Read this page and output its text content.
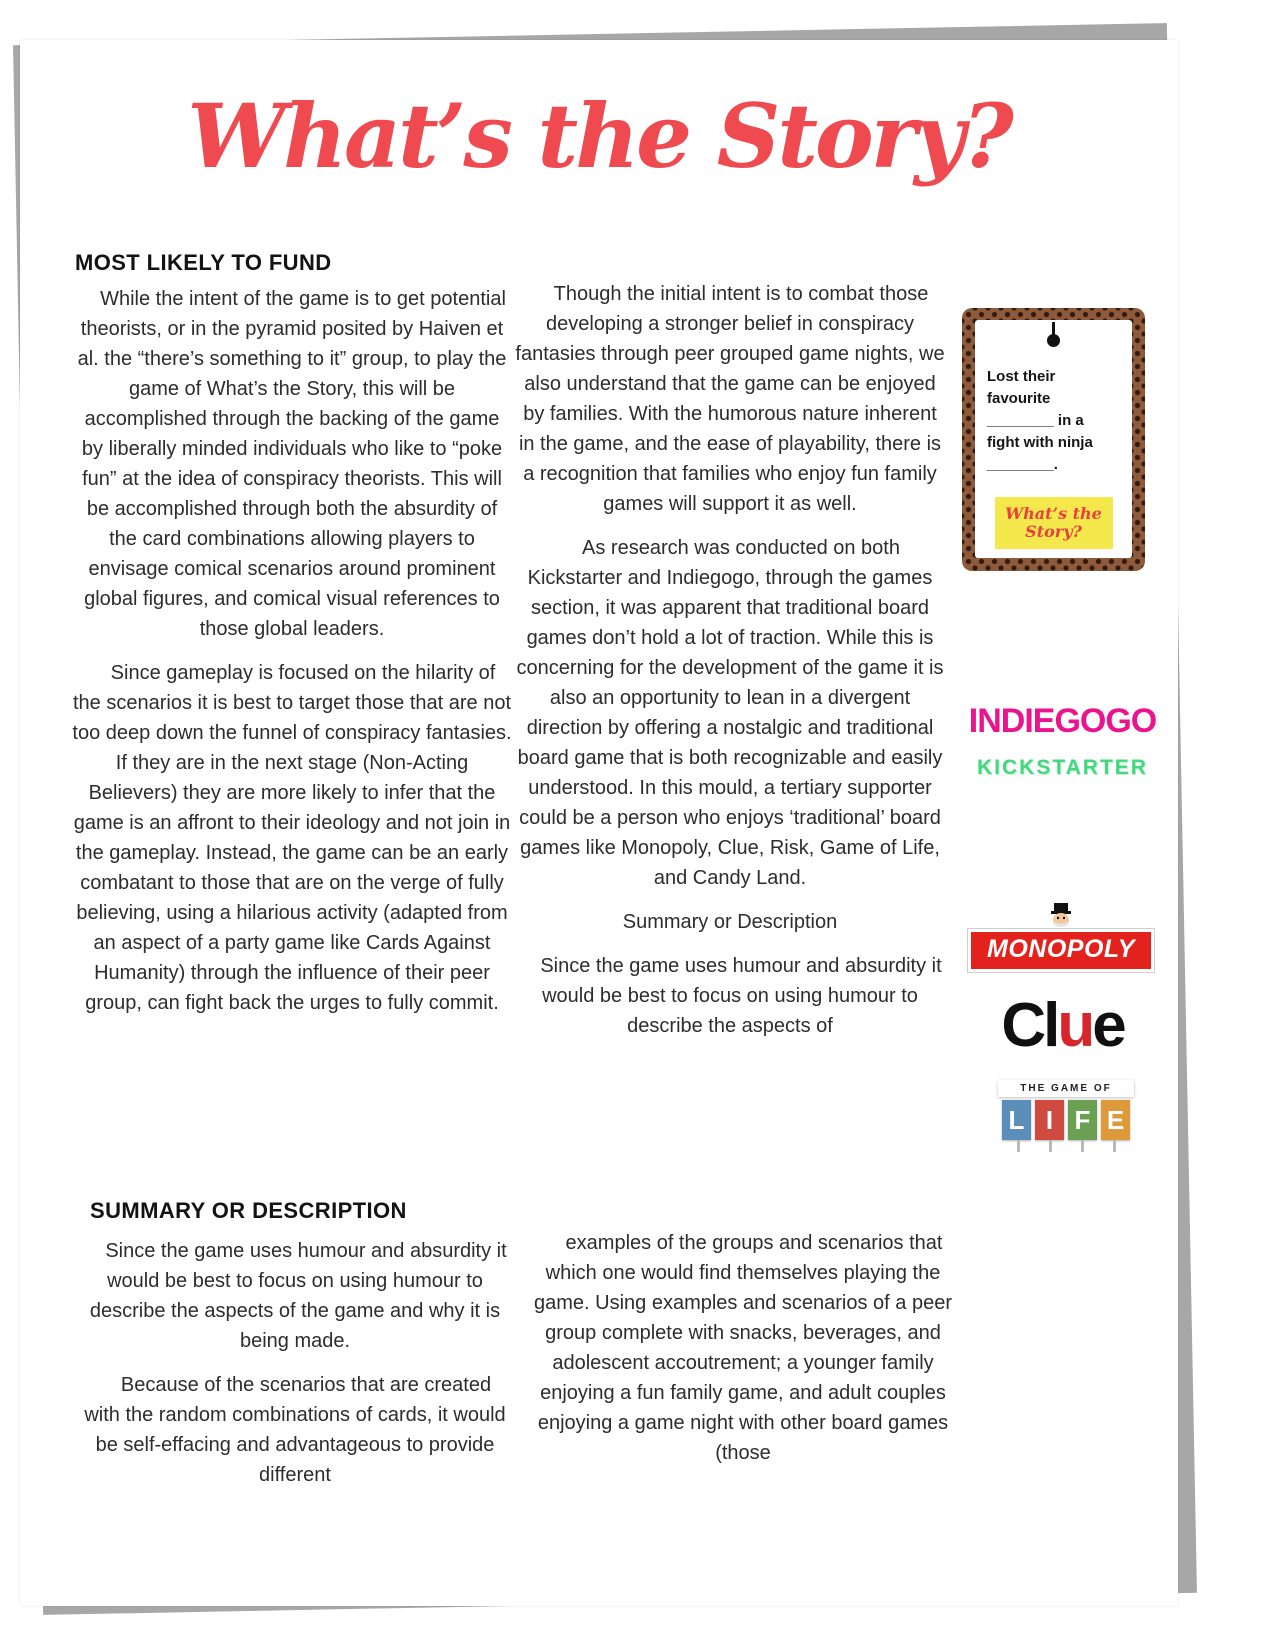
What’s the Story?
MOST LIKELY TO FUND

While the intent of the game is to get potential theorists, or in the pyramid posited by Haiven et al. the “there’s something to it” group, to play the game of What’s the Story, this will be accomplished through the backing of the game by liberally minded individuals who like to “poke fun” at the idea of conspiracy theorists. This will be accomplished through both the absurdity of the card combinations allowing players to envisage comical scenarios around prominent global figures, and comical visual references to those global leaders.

Since gameplay is focused on the hilarity of the scenarios it is best to target those that are not too deep down the funnel of conspiracy fantasies. If they are in the next stage (Non-Acting Believers) they are more likely to infer that the game is an affront to their ideology and not join in the gameplay. Instead, the game can be an early combatant to those that are on the verge of fully believing, using a hilarious activity (adapted from an aspect of a party game like Cards Against Humanity) through the influence of their peer group, can fight back the urges to fully commit.

Though the initial intent is to combat those developing a stronger belief in conspiracy fantasies through peer grouped game nights, we also understand that the game can be enjoyed by families. With the humorous nature inherent in the game, and the ease of playability, there is a recognition that families who enjoy fun family games will support it as well.

As research was conducted on both Kickstarter and Indiegogo, through the games section, it was apparent that traditional board games don’t hold a lot of traction. While this is concerning for the development of the game it is also an opportunity to lean in a divergent direction by offering a nostalgic and traditional board game that is both recognizable and easily understood. In this mould, a tertiary supporter could be a person who enjoys ‘traditional’ board games like Monopoly, Clue, Risk, Game of Life, and Candy Land.

Summary or Description

Since the game uses humour and absurdity it would be best to focus on using humour to describe the aspects of

SUMMARY OR DESCRIPTION

Since the game uses humour and absurdity it would be best to focus on using humour to describe the aspects of the game and why it is being made.

Because of the scenarios that are created with the random combinations of cards, it would be self-effacing and advantageous to provide different

examples of the groups and scenarios that which one would find themselves playing the game. Using examples and scenarios of a peer group complete with snacks, beverages, and adolescent accoutrement; a younger family enjoying a fun family game, and adult couples enjoying a game night with other board games (those

Lost their
favourite
________ in a
fight with ninja
________.
What’s the
Story?
INDIEGOGO
KICKSTARTER
MONOPOLY
Clue
THE GAME OF
L I F E
